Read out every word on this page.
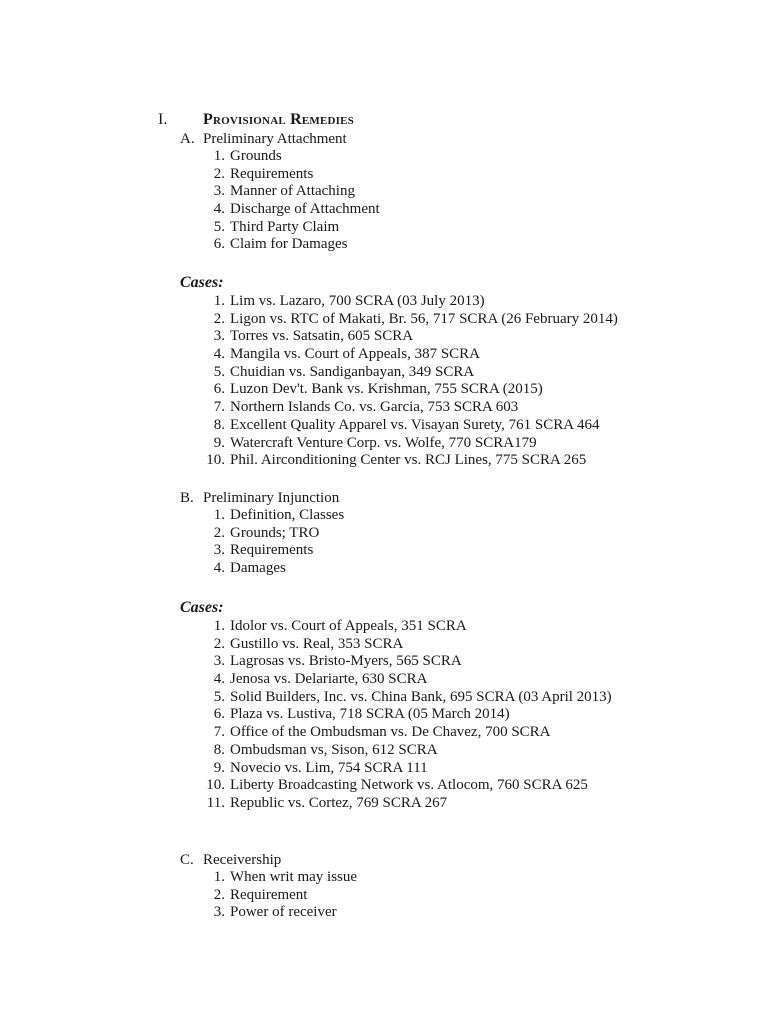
I. Provisional Remedies
A. Preliminary Attachment
1. Grounds
2. Requirements
3. Manner of Attaching
4. Discharge of Attachment
5. Third Party Claim
6. Claim for Damages
Cases:
1. Lim vs. Lazaro, 700 SCRA (03 July 2013)
2. Ligon vs. RTC of Makati, Br. 56, 717 SCRA (26 February 2014)
3. Torres vs. Satsatin, 605 SCRA
4. Mangila vs. Court of Appeals, 387 SCRA
5. Chuidian vs. Sandiganbayan, 349 SCRA
6. Luzon Dev't. Bank vs. Krishman, 755 SCRA (2015)
7. Northern Islands Co. vs. Garcia, 753 SCRA 603
8. Excellent Quality Apparel vs. Visayan Surety, 761 SCRA 464
9. Watercraft Venture Corp. vs. Wolfe, 770 SCRA179
10. Phil. Airconditioning Center vs. RCJ Lines, 775 SCRA 265
B. Preliminary Injunction
1. Definition, Classes
2. Grounds; TRO
3. Requirements
4. Damages
Cases:
1. Idolor vs. Court of Appeals, 351 SCRA
2. Gustillo vs. Real, 353 SCRA
3. Lagrosas vs. Bristo-Myers, 565 SCRA
4. Jenosa vs. Delariarte, 630 SCRA
5. Solid Builders, Inc. vs. China Bank, 695 SCRA (03 April 2013)
6. Plaza vs. Lustiva, 718 SCRA (05 March 2014)
7. Office of the Ombudsman vs. De Chavez, 700 SCRA
8. Ombudsman vs, Sison, 612 SCRA
9. Novecio vs. Lim, 754 SCRA 111
10. Liberty Broadcasting Network vs. Atlocom, 760 SCRA 625
11. Republic vs. Cortez, 769 SCRA 267
C. Receivership
1. When writ may issue
2. Requirement
3. Power of receiver
